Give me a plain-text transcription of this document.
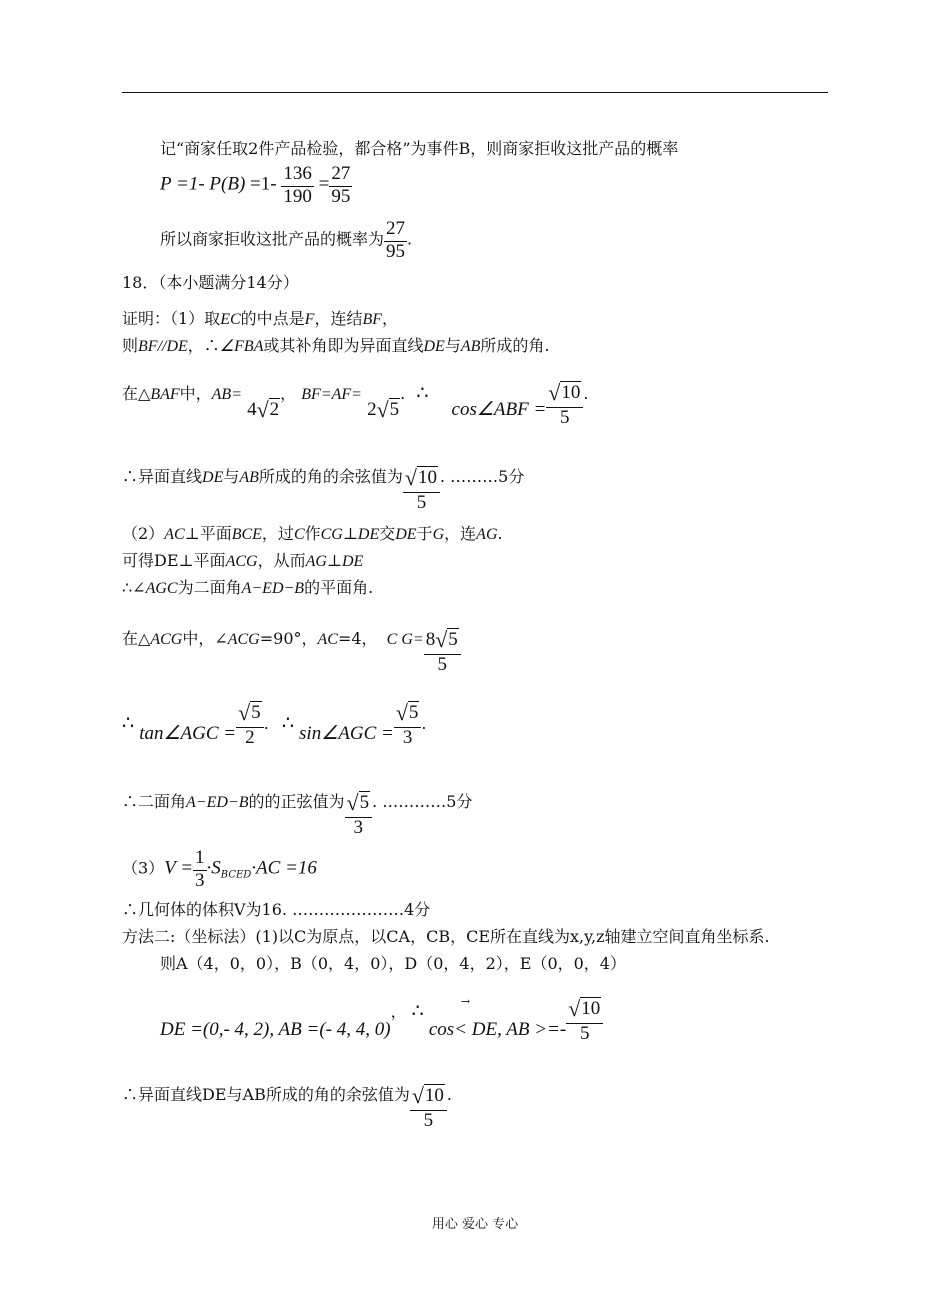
记“商家任取2件产品检验，都合格”为事件B，则商家拒收这批产品的概率
P =1- $P(B) =1- \frac{136}{190} = \frac{27}{95}$
所以商家拒收这批产品的概率为 $\frac{27}{95}$ .
18．（本小题满分14分）
证明：（1）取EC的中点是F，连结BF，
则BF//DE，∴∠FBA或其补角即为异面直线DE与AB所成的角.
在△BAF中，AB= 4√2， BF=AF= 2√5. ∴ cos∠ABF = $\frac{√10}{5}$ .
∴异面直线DE与AB所成的角的余弦值为 $\frac{√10}{5}$ . ………5分
（2）AC⊥平面BCE，过C作CG⊥DE交DE于G，连AG.
可得DE⊥平面ACG，从而AG⊥DE
∴∠AGC为二面角A−ED−B的平面角.
在△ACG中，∠ACG=90°，AC=4， C $G= \frac{8√5}{5}$
∴ tan∠AGC = $\frac{√5}{2}$ . ∴ sin∠AGC = $\frac{√5}{3}$ .
∴二面角A−ED−B的的正弦值为 $\frac{√5}{3}$ . …………5分
$(3)V = \frac{1}{3} \cdot S_{BCED}\cdot AC =16$
∴几何体的体积V为16. …………………4分
方法二:（坐标法）(1)以C为原点，以CA，CB，CE所在直线为x,y,z轴建立空间直角坐标系.
则A（4，0，0），B（0，4，0），D（0，4，2），E（0，0，4）
DE =(0,- 4, 2), AB =(- 4, 4, 0)， ∴	→
cos< DE, AB >=- $\frac{√10}{5}$
∴异面直线DE与AB所成的角的余弦值为 $\frac{√10}{5}$ .
用心 爱心 专心
